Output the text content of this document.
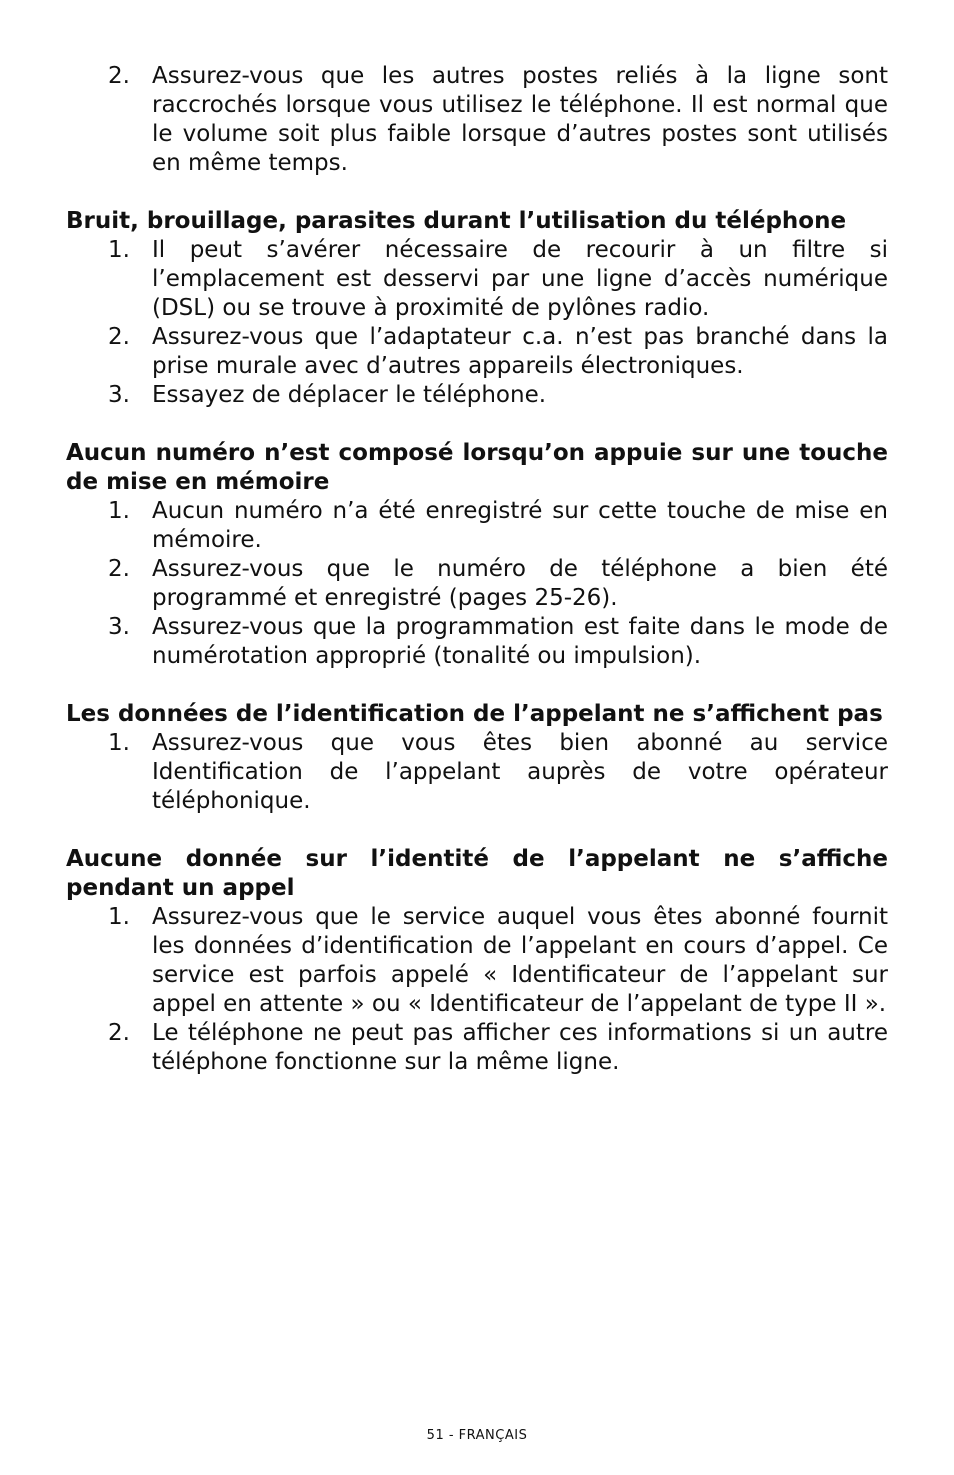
2. Assurez-vous que les autres postes reliés à la ligne sont raccrochés lorsque vous utilisez le téléphone. Il est normal que le volume soit plus faible lorsque d’autres postes sont utilisés en même temps.
Bruit, brouillage, parasites durant l’utilisation du téléphone
1. Il peut s’avérer nécessaire de recourir à un filtre si l’emplacement est desservi par une ligne d’accès numérique (DSL) ou se trouve à proximité de pylônes radio.
2. Assurez-vous que l’adaptateur c.a. n’est pas branché dans la prise murale avec d’autres appareils électroniques.
3. Essayez de déplacer le téléphone.
Aucun numéro n’est composé lorsqu’on appuie sur une touche de mise en mémoire
1. Aucun numéro n’a été enregistré sur cette touche de mise en mémoire.
2. Assurez-vous que le numéro de téléphone a bien été programmé et enregistré (pages 25-26).
3. Assurez-vous que la programmation est faite dans le mode de numérotation approprié (tonalité ou impulsion).
Les données de l’identification de l’appelant ne s’affichent pas
1. Assurez-vous que vous êtes bien abonné au service Identification de l’appelant auprès de votre opérateur téléphonique.
Aucune donnée sur l’identité de l’appelant ne s’affiche pendant un appel
1. Assurez-vous que le service auquel vous êtes abonné fournit les données d’identification de l’appelant en cours d’appel. Ce service est parfois appelé « Identificateur de l’appelant sur appel en attente » ou « Identificateur de l’appelant de type II ».
2. Le téléphone ne peut pas afficher ces informations si un autre téléphone fonctionne sur la même ligne.
51 - FRANÇAIS
